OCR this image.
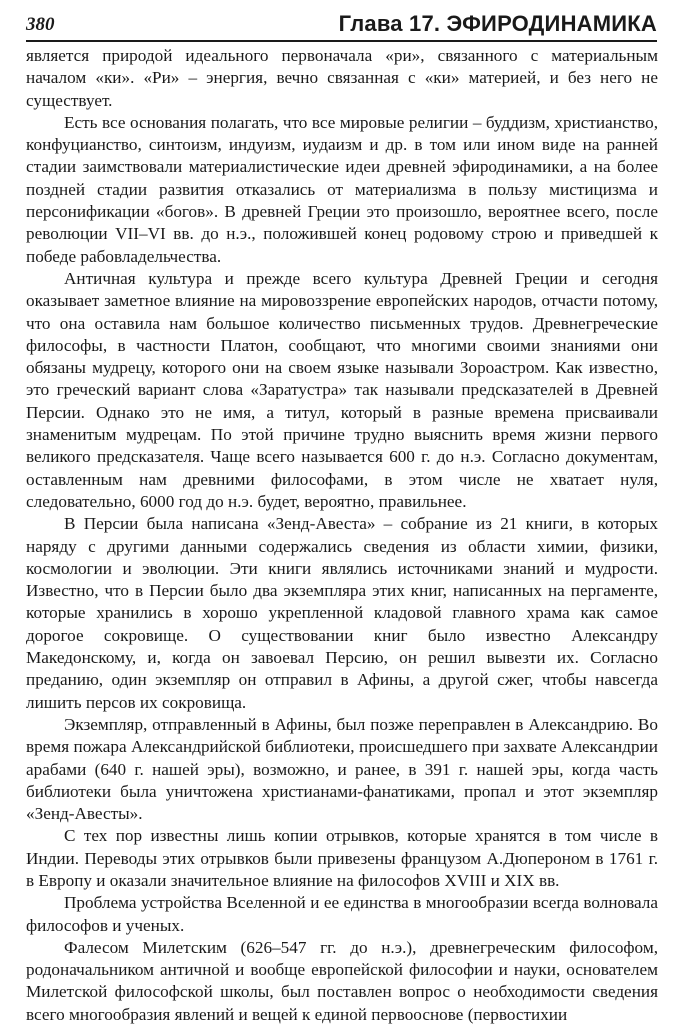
380	Глава 17. ЭФИРОДИНАМИКА

является природой идеального первоначала «ри», связанного с материальным началом «ки». «Ри» – энергия, вечно связанная с «ки» материей, и без него не существует.

Есть все основания полагать, что все мировые религии – буддизм, христианство, конфуцианство, синтоизм, индуизм, иудаизм и др. в том или ином виде на ранней стадии заимствовали материалистические идеи древней эфиродинамики, а на более поздней стадии развития отказались от материализма в пользу мистицизма и персонификации «богов». В древней Греции это произошло, вероятнее всего, после революции VII–VI вв. до н.э., положившей конец родовому строю и приведшей к победе рабовладельчества.

Античная культура и прежде всего культура Древней Греции и сегодня оказывает заметное влияние на мировоззрение европейских народов, отчасти потому, что она оставила нам большое количество письменных трудов. Древнегреческие философы, в частности Платон, сообщают, что многими своими знаниями они обязаны мудрецу, которого они на своем языке называли Зороастром. Как известно, это греческий вариант слова «Заратустра» так называли предсказателей в Древней Персии. Однако это не имя, а титул, который в разные времена присваивали знаменитым мудрецам. По этой причине трудно выяснить время жизни первого великого предсказателя. Чаще всего называется 600 г. до н.э. Согласно документам, оставленным нам древними философами, в этом числе не хватает нуля, следовательно, 6000 год до н.э. будет, вероятно, правильнее.

В Персии была написана «Зенд-Авеста» – собрание из 21 книги, в которых наряду с другими данными содержались сведения из области химии, физики, космологии и эволюции. Эти книги являлись источниками знаний и мудрости. Известно, что в Персии было два экземпляра этих книг, написанных на пергаменте, которые хранились в хорошо укрепленной кладовой главного храма как самое дорогое сокровище. О существовании книг было известно Александру Македонскому, и, когда он завоевал Персию, он решил вывезти их. Согласно преданию, один экземпляр он отправил в Афины, а другой сжег, чтобы навсегда лишить персов их сокровища.

Экземпляр, отправленный в Афины, был позже переправлен в Александрию. Во время пожара Александрийской библиотеки, происшедшего при захвате Александрии арабами (640 г. нашей эры), возможно, и ранее, в 391 г. нашей эры, когда часть библиотеки была уничтожена христианами-фанатиками, пропал и этот экземпляр «Зенд-Авесты».

С тех пор известны лишь копии отрывков, которые хранятся в том числе в Индии. Переводы этих отрывков были привезены французом А.Дюпероном в 1761 г. в Европу и оказали значительное влияние на философов XVIII и XIX вв.

Проблема устройства Вселенной и ее единства в многообразии всегда волновала философов и ученых.

Фалесом Милетским (626–547 гг. до н.э.), древнегреческим философом, родоначальником античной и вообще европейской философии и науки, основателем Милетской философской школы, был поставлен вопрос о необходимости сведения всего многообразия явлений и вещей к единой первооснове (первостихии
